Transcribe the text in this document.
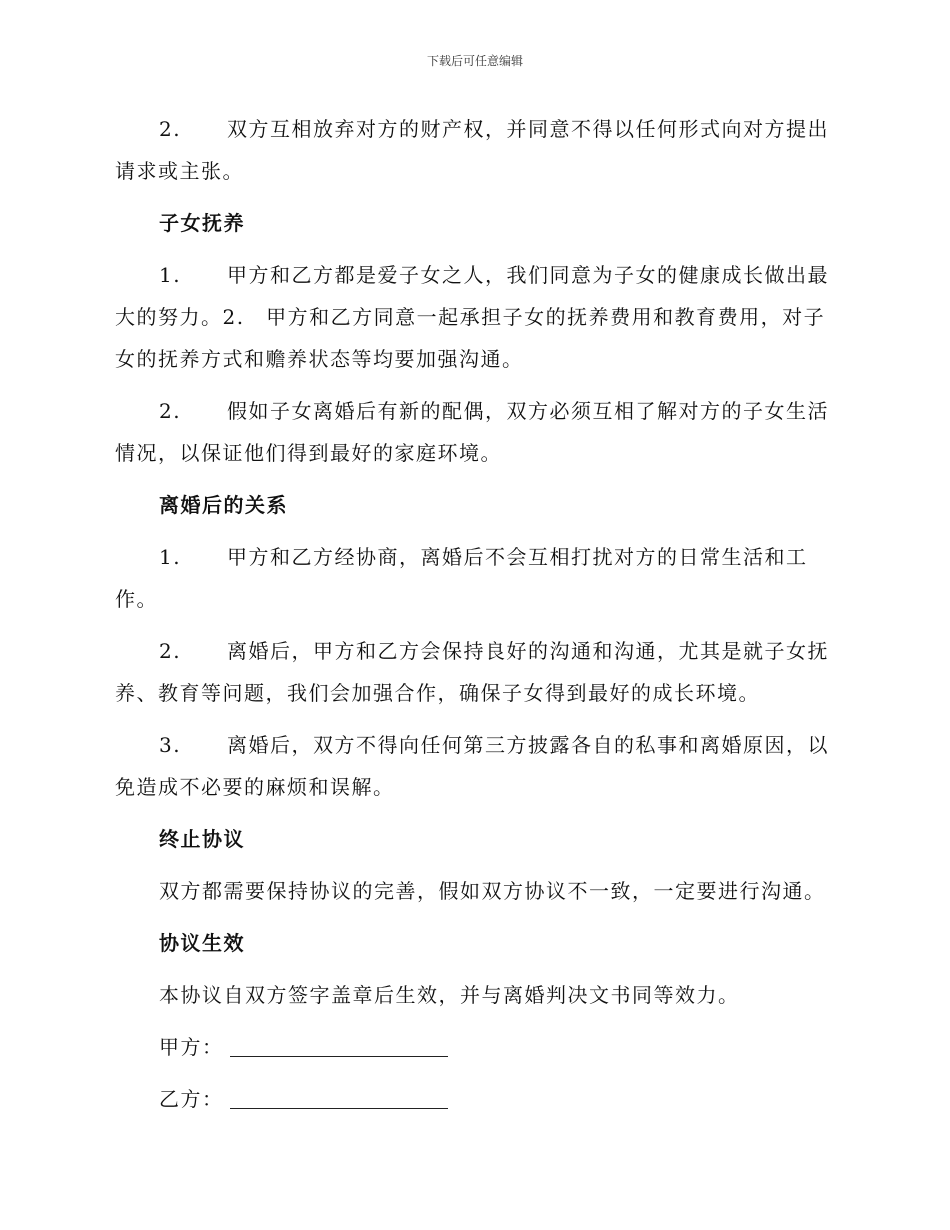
下载后可任意编辑

2. 双方互相放弃对方的财产权，并同意不得以任何形式向对方提出请求或主张。

子女抚养

1. 甲方和乙方都是爱子女之人，我们同意为子女的健康成长做出最大的努力。2.　甲方和乙方同意一起承担子女的抚养费用和教育费用，对子女的抚养方式和赡养状态等均要加强沟通。

2. 假如子女离婚后有新的配偶，双方必须互相了解对方的子女生活情况，以保证他们得到最好的家庭环境。

离婚后的关系

1. 甲方和乙方经协商，离婚后不会互相打扰对方的日常生活和工作。

2. 离婚后，甲方和乙方会保持良好的沟通和沟通，尤其是就子女抚养、教育等问题，我们会加强合作，确保子女得到最好的成长环境。

3. 离婚后，双方不得向任何第三方披露各自的私事和离婚原因，以免造成不必要的麻烦和误解。

终止协议

双方都需要保持协议的完善，假如双方协议不一致，一定要进行沟通。

协议生效

本协议自双方签字盖章后生效，并与离婚判决文书同等效力。

甲方：
乙方：
